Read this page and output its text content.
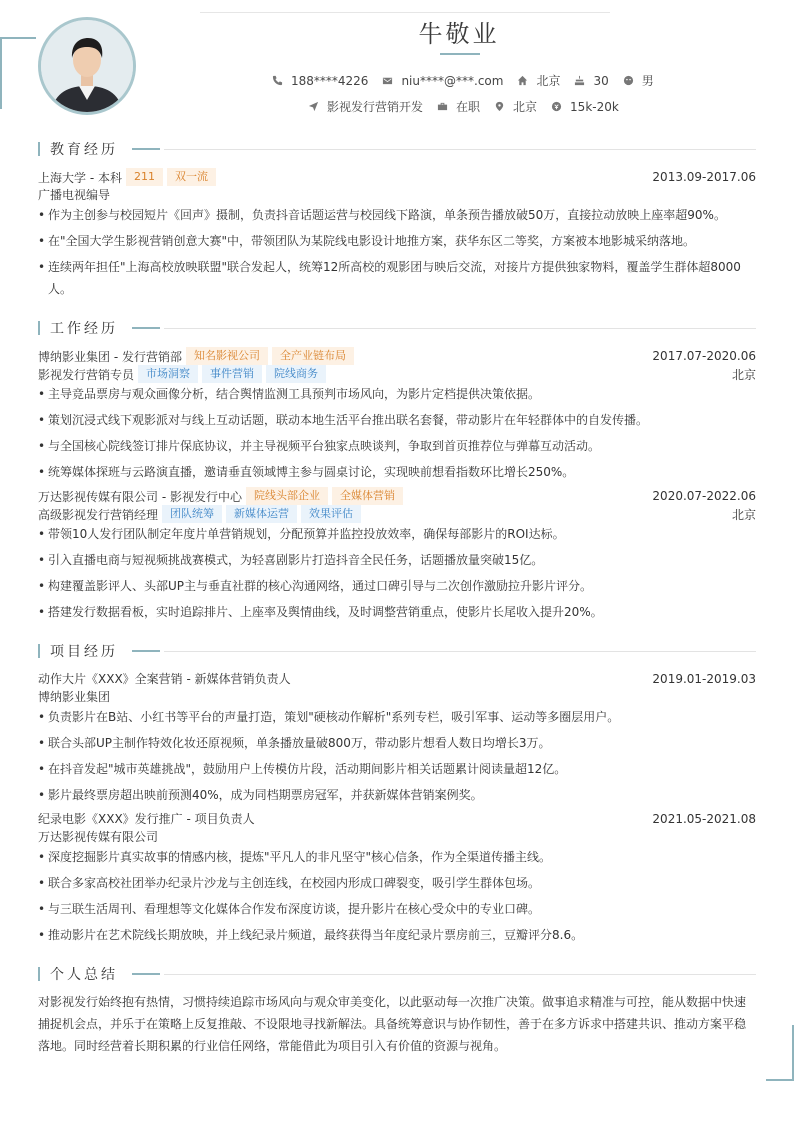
牛敬业
188****4226	niu****@***.com	北京	30	男
影视发行营销开发	在职	北京	15k-20k
教育经历
上海大学 - 本科	211	双一流	2013.09-2017.06
广播电视编导
• 作为主创参与校园短片《回声》摄制，负责抖音话题运营与校园线下路演，单条预告播放破50万，直接拉动放映上座率超90%。
• 在"全国大学生影视营销创意大赛"中，带领团队为某院线电影设计地推方案，获华东区二等奖，方案被本地影城采纳落地。
• 连续两年担任"上海高校放映联盟"联合发起人，统筹12所高校的观影团与映后交流，对接片方提供独家物料，覆盖学生群体超8000
人。
工作经历
博纳影业集团 - 发行营销部	知名影视公司	全产业链布局	2017.07-2020.06
影视发行营销专员	市场洞察	事件营销	院线商务	北京
• 主导竞品票房与观众画像分析，结合舆情监测工具预判市场风向，为影片定档提供决策依据。
• 策划沉浸式线下观影派对与线上互动话题，联动本地生活平台推出联名套餐，带动影片在年轻群体中的自发传播。
• 与全国核心院线签订排片保底协议，并主导视频平台独家点映谈判，争取到首页推荐位与弹幕互动活动。
• 统筹媒体探班与云路演直播，邀请垂直领域博主参与圆桌讨论，实现映前想看指数环比增长250%。
万达影视传媒有限公司 - 影视发行中心	院线头部企业	全媒体营销	2020.07-2022.06
高级影视发行营销经理	团队统筹	新媒体运营	效果评估	北京
• 带领10人发行团队制定年度片单营销规划，分配预算并监控投放效率，确保每部影片的ROI达标。
• 引入直播电商与短视频挑战赛模式，为轻喜剧影片打造抖音全民任务，话题播放量突破15亿。
• 构建覆盖影评人、头部UP主与垂直社群的核心沟通网络，通过口碑引导与二次创作激励拉升影片评分。
• 搭建发行数据看板，实时追踪排片、上座率及舆情曲线，及时调整营销重点，使影片长尾收入提升20%。
项目经历
动作大片《XXX》全案营销 - 新媒体营销负责人	2019.01-2019.03
博纳影业集团
• 负责影片在B站、小红书等平台的声量打造，策划"硬核动作解析"系列专栏，吸引军事、运动等多圈层用户。
• 联合头部UP主制作特效化妆还原视频，单条播放量破800万，带动影片想看人数日均增长3万。
• 在抖音发起"城市英雄挑战"，鼓励用户上传模仿片段，活动期间影片相关话题累计阅读量超12亿。
• 影片最终票房超出映前预测40%，成为同档期票房冠军，并获新媒体营销案例奖。
纪录电影《XXX》发行推广 - 项目负责人	2021.05-2021.08
万达影视传媒有限公司
• 深度挖掘影片真实故事的情感内核，提炼"平凡人的非凡坚守"核心信条，作为全渠道传播主线。
• 联合多家高校社团举办纪录片沙龙与主创连线，在校园内形成口碑裂变，吸引学生群体包场。
• 与三联生活周刊、看理想等文化媒体合作发布深度访谈，提升影片在核心受众中的专业口碑。
• 推动影片在艺术院线长期放映，并上线纪录片频道，最终获得当年度纪录片票房前三，豆瓣评分8.6。
个人总结
对影视发行始终抱有热情，习惯持续追踪市场风向与观众审美变化，以此驱动每一次推广决策。做事追求精准与可控，能从数据中快速捕捉机会点，并乐于在策略上反复推敲、不设限地寻找新解法。具备统筹意识与协作韧性，善于在多方诉求中搭建共识、推动方案平稳落地。同时经营着长期积累的行业信任网络，常能借此为项目引入有价值的资源与视角。
